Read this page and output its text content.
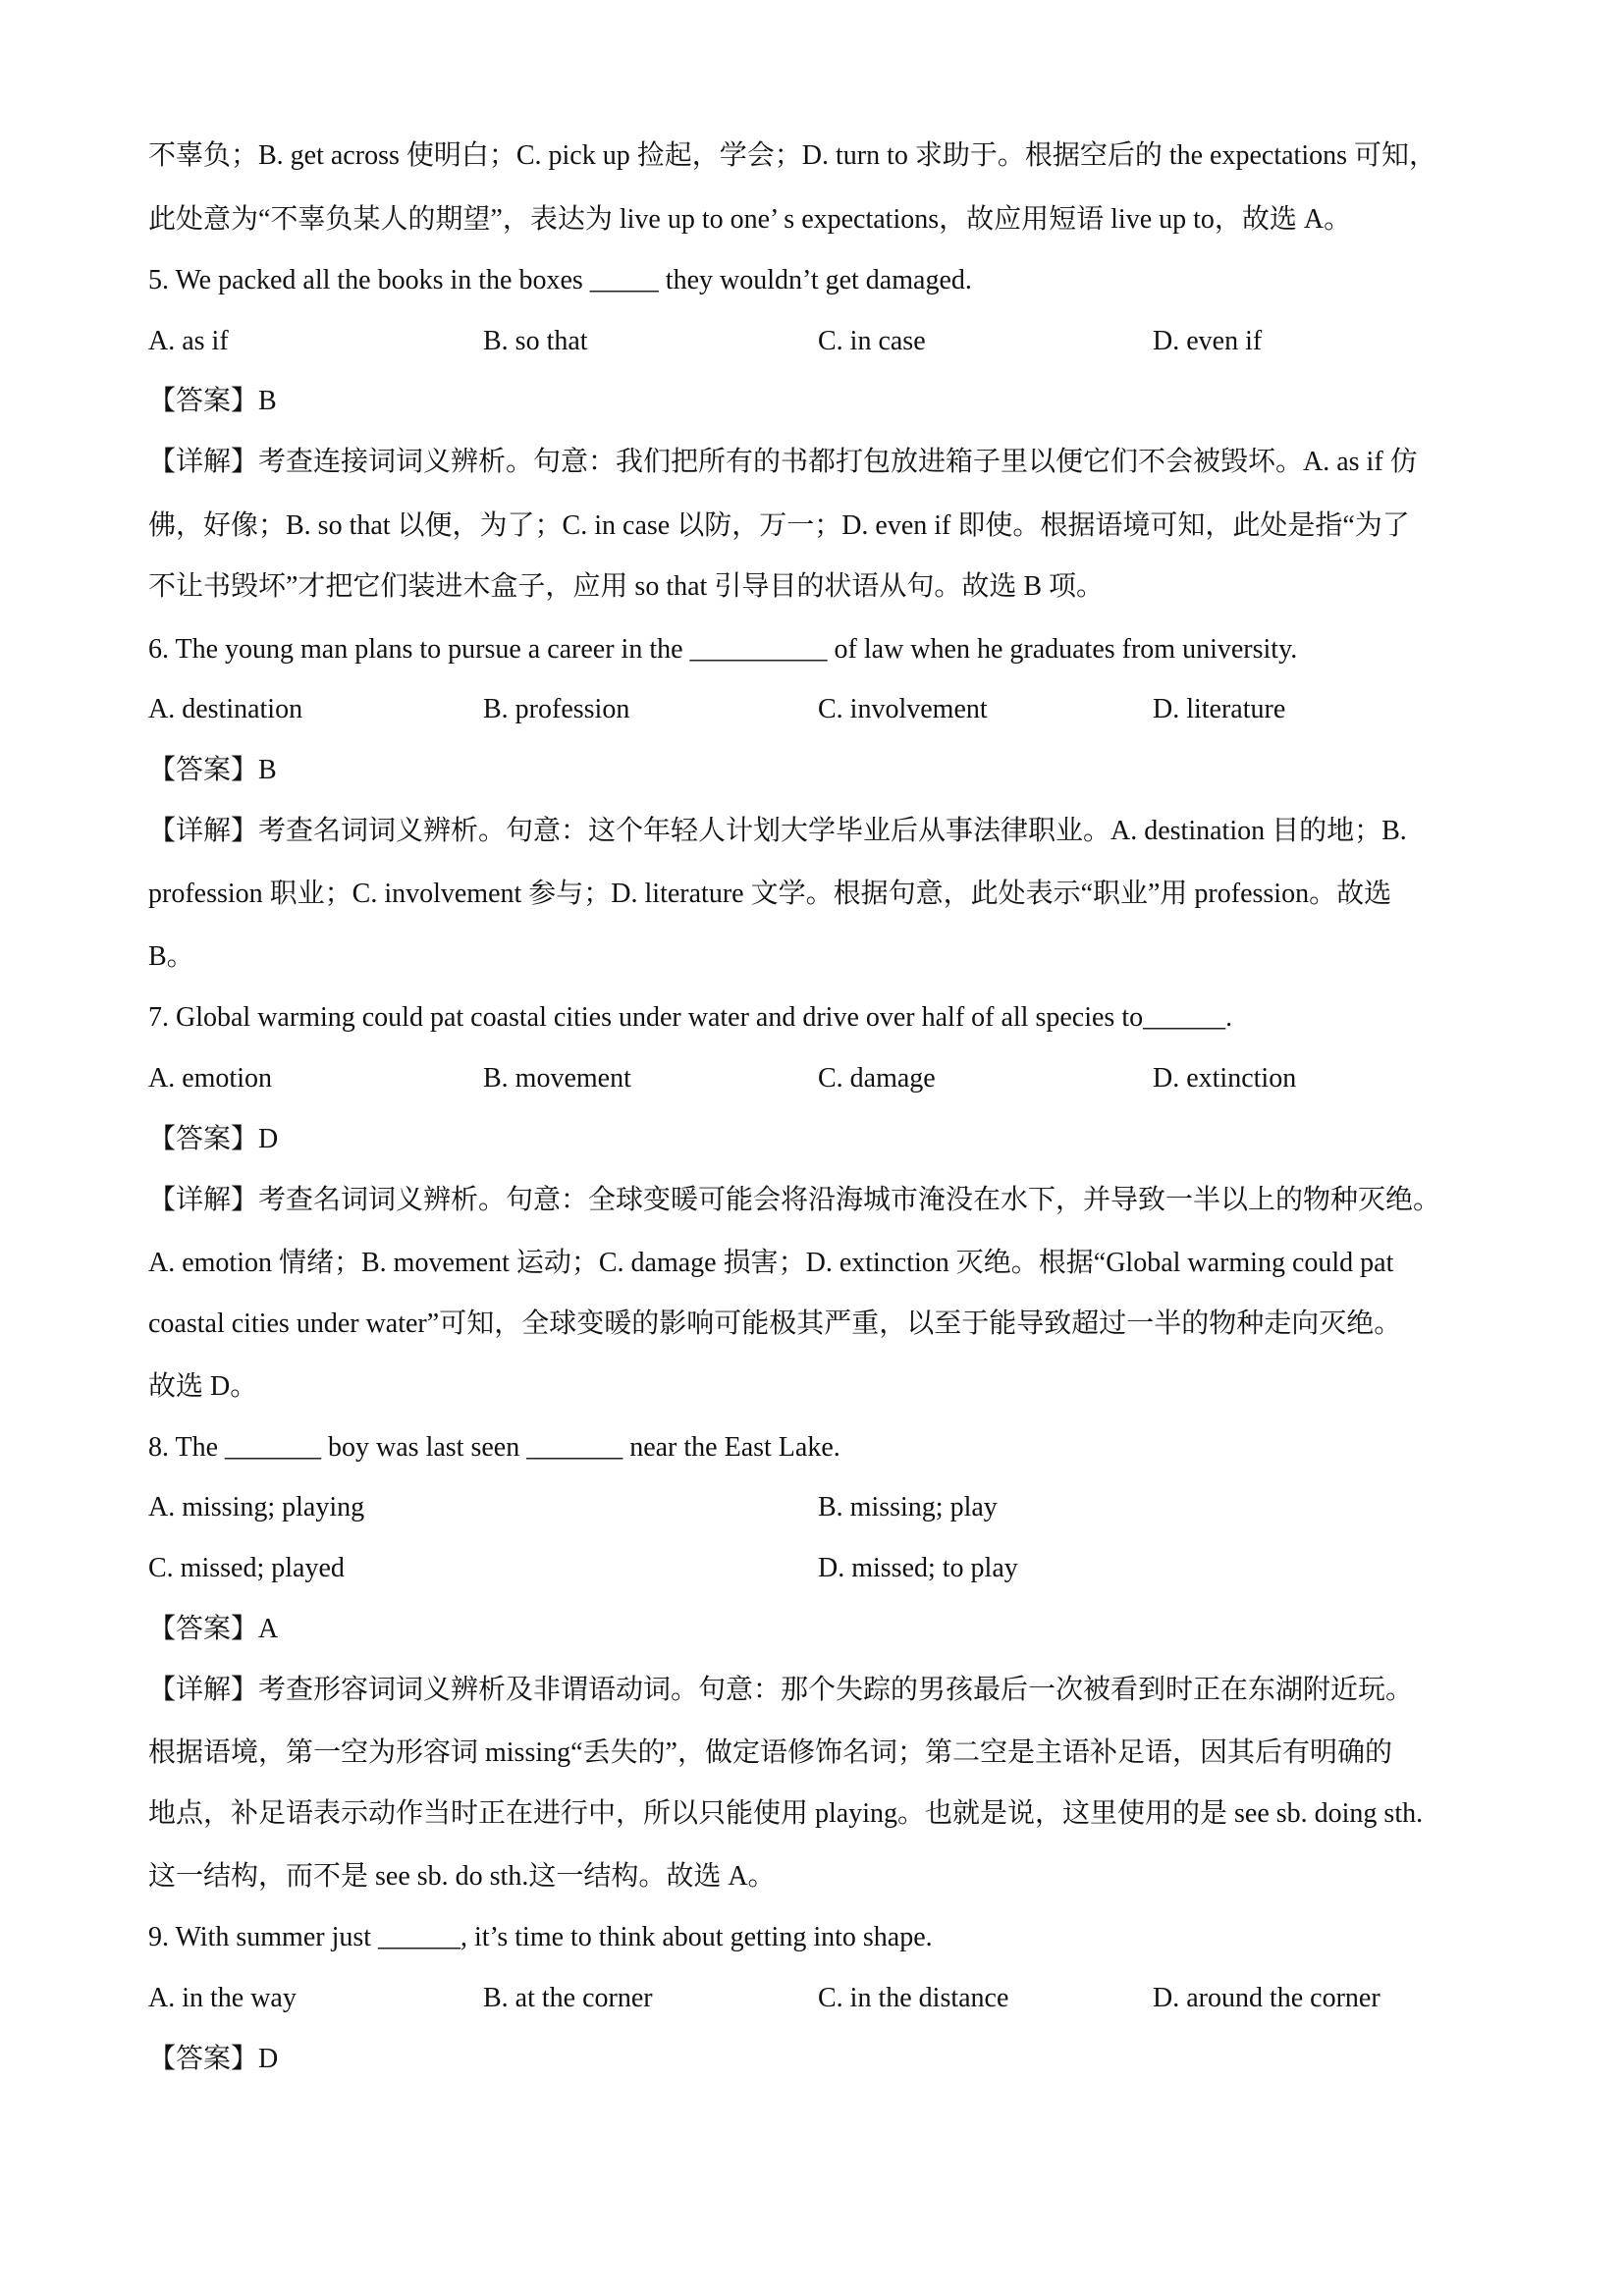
不辜负；B. get across 使明白；C. pick up 捡起，学会；D. turn to 求助于。根据空后的 the expectations 可知，
此处意为“不辜负某人的期望”，表达为 live up to one’ s expectations，故应用短语 live up to，故选 A。
5. We packed all the books in the boxes _____ they wouldn’t get damaged.
A. as if	B. so that	C. in case	D. even if
【答案】B
【详解】考查连接词词义辨析。句意：我们把所有的书都打包放进箱子里以便它们不会被毁坏。A. as if 仿
佛，好像；B. so that 以便，为了；C. in case 以防，万一；D. even if 即使。根据语境可知，此处是指“为了
不让书毁坏”才把它们装进木盒子，应用 so that 引导目的状语从句。故选 B 项。
6. The young man plans to pursue a career in the __________ of law when he graduates from university.
A. destination	B. profession	C. involvement	D. literature
【答案】B
【详解】考查名词词义辨析。句意：这个年轻人计划大学毕业后从事法律职业。A. destination 目的地；B.
profession 职业；C. involvement 参与；D. literature 文学。根据句意，此处表示“职业”用 profession。故选
B。
7. Global warming could pat coastal cities under water and drive over half of all species to______.
A. emotion	B. movement	C. damage	D. extinction
【答案】D
【详解】考查名词词义辨析。句意：全球变暖可能会将沿海城市淹没在水下，并导致一半以上的物种灭绝。
A. emotion 情绪；B. movement 运动；C. damage 损害；D. extinction 灭绝。根据“Global warming could pat
coastal cities under water”可知，全球变暖的影响可能极其严重，以至于能导致超过一半的物种走向灭绝。
故选 D。
8. The _______ boy was last seen _______ near the East Lake.
A. missing; playing	B. missing; play
C. missed; played	D. missed; to play
【答案】A
【详解】考查形容词词义辨析及非谓语动词。句意：那个失踪的男孩最后一次被看到时正在东湖附近玩。
根据语境，第一空为形容词 missing“丢失的”，做定语修饰名词；第二空是主语补足语，因其后有明确的
地点，补足语表示动作当时正在进行中，所以只能使用 playing。也就是说，这里使用的是 see sb. doing sth.
这一结构，而不是 see sb. do sth.这一结构。故选 A。
9. With summer just ______, it’s time to think about getting into shape.
A. in the way	B. at the corner	C. in the distance	D. around the corner
【答案】D
